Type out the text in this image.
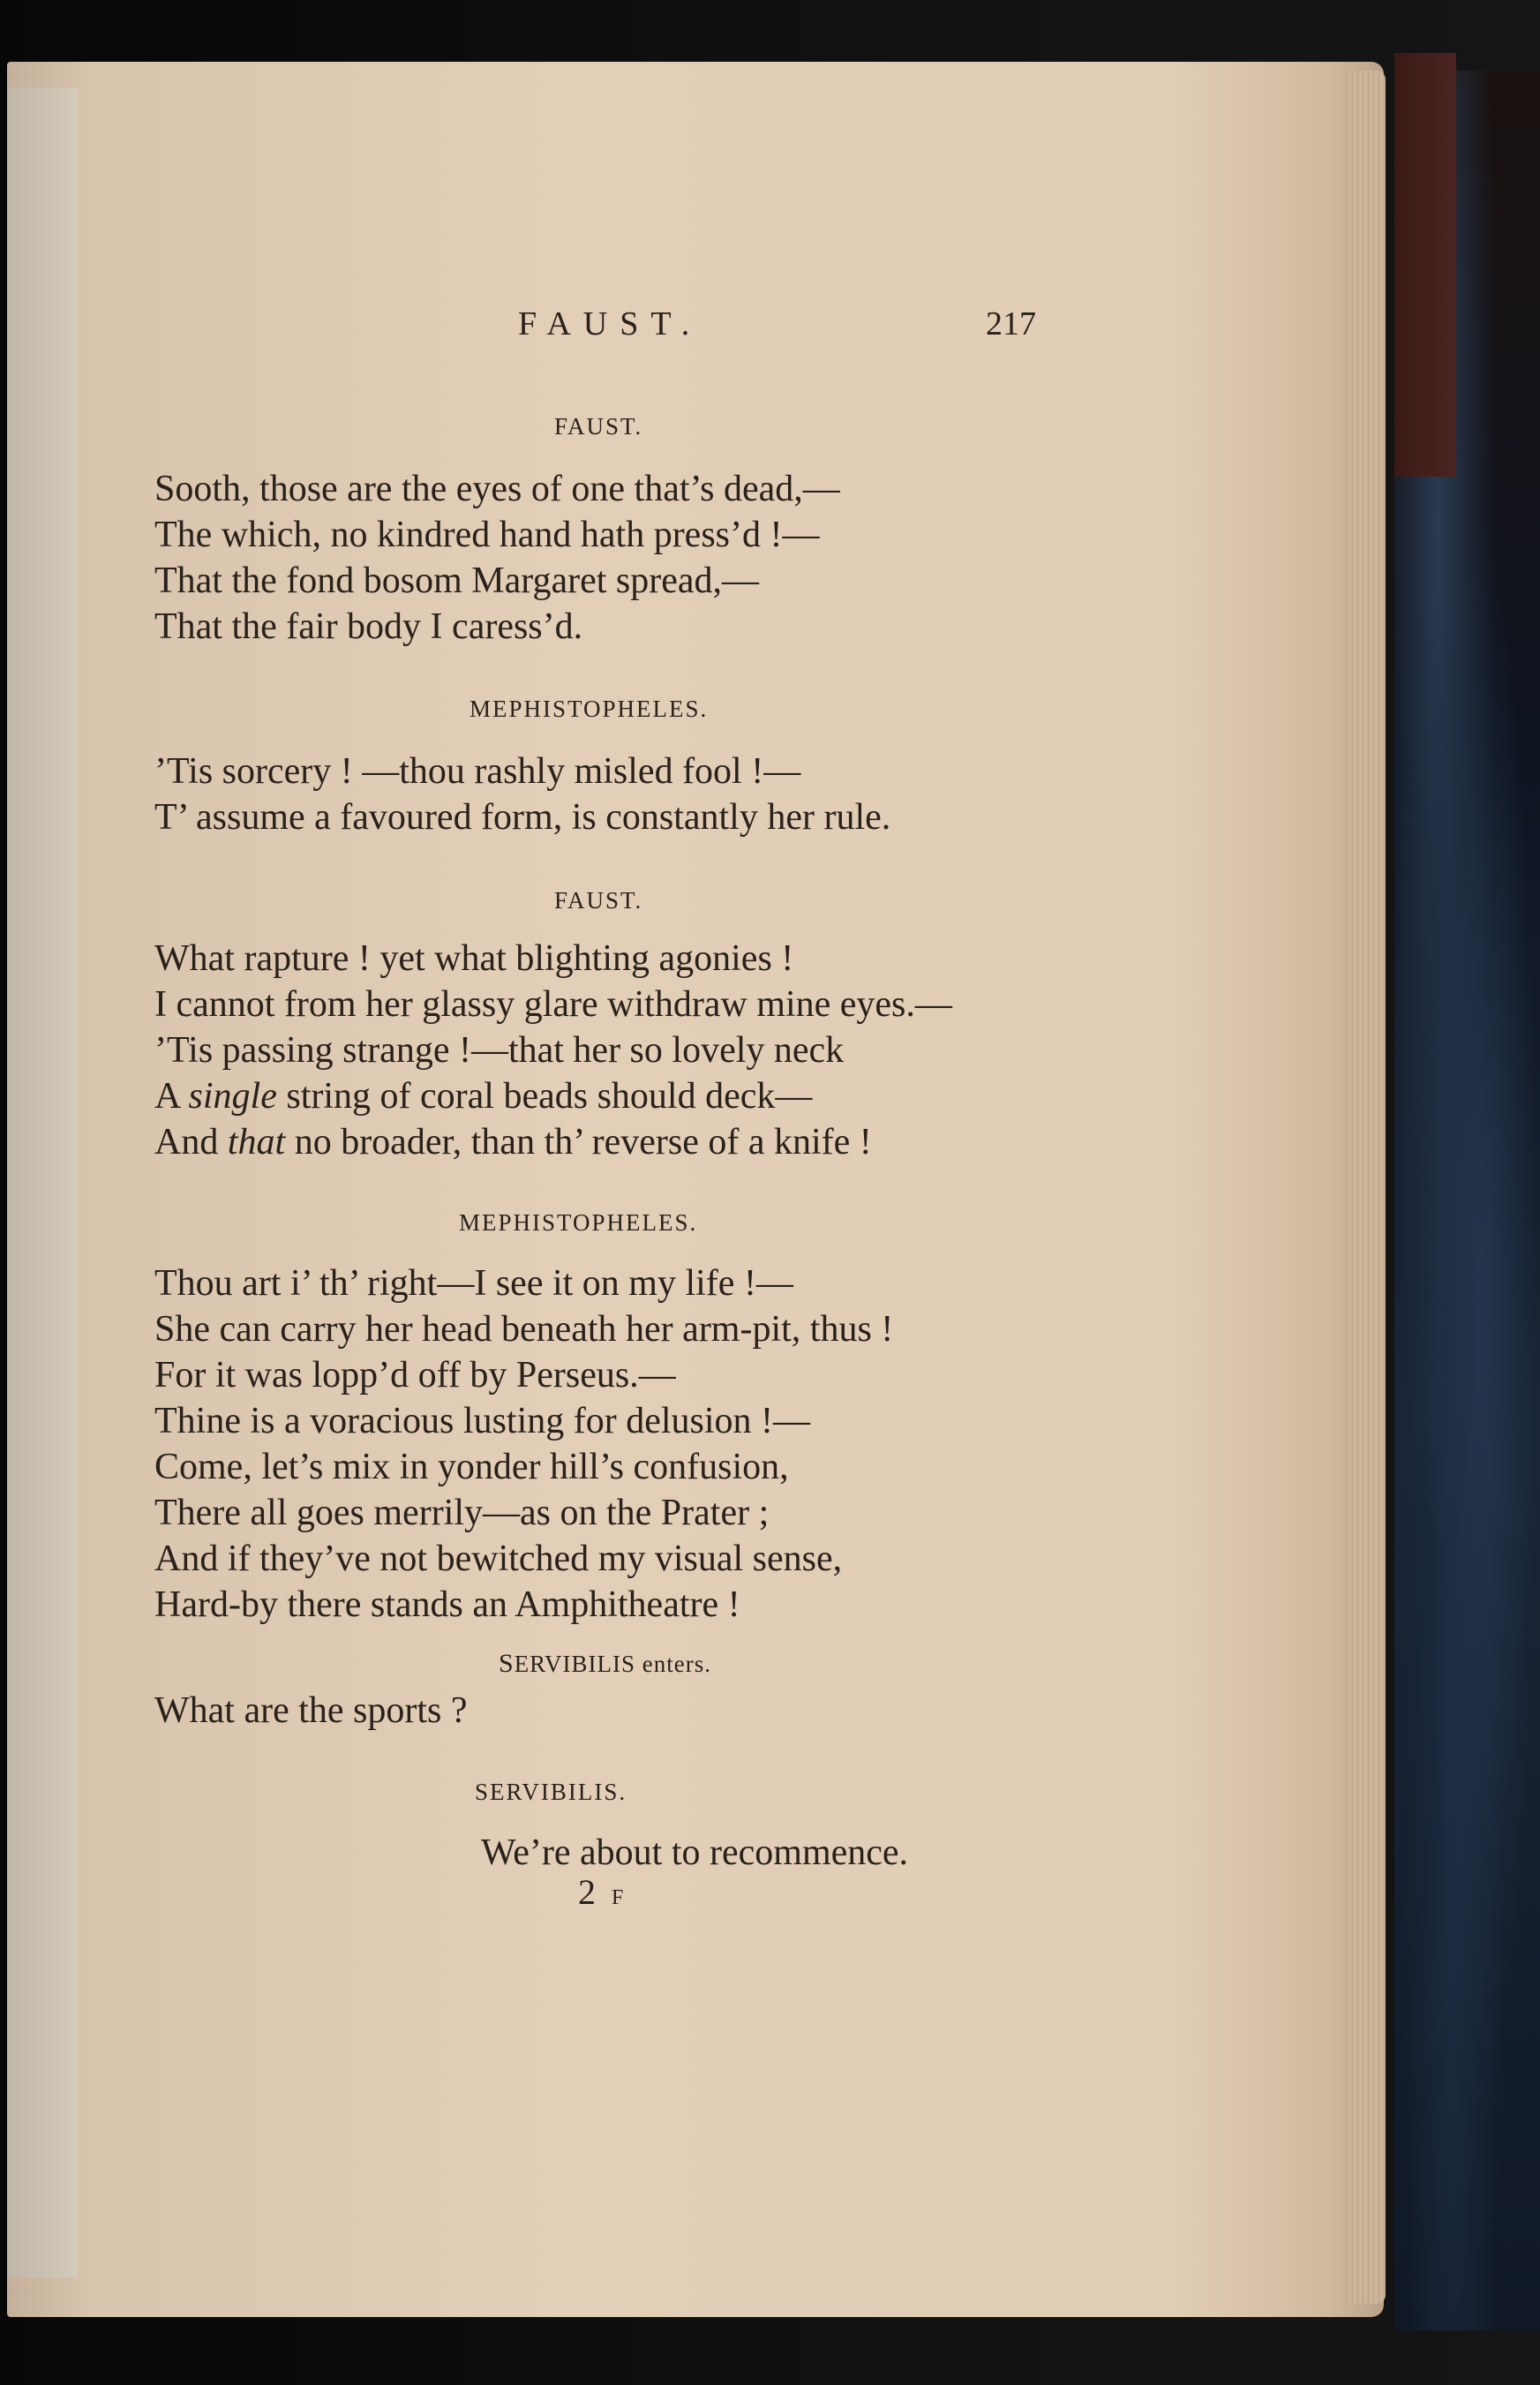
FAUST.	217
FAUST.
Sooth, those are the eyes of one that’s dead,—
The which, no kindred hand hath press’d !—
That the fond bosom Margaret spread,—
That the fair body I caress’d.
MEPHISTOPHELES.
’Tis sorcery ! —thou rashly misled fool !—
T’ assume a favoured form, is constantly her rule.
FAUST.
What rapture ! yet what blighting agonies !
I cannot from her glassy glare withdraw mine eyes.—
’Tis passing strange !—that her so lovely neck
A single string of coral beads should deck—
And that no broader, than th’ reverse of a knife !
MEPHISTOPHELES.
Thou art i’ th’ right—I see it on my life !—
She can carry her head beneath her arm-pit, thus !
For it was lopp’d off by Perseus.—
Thine is a voracious lusting for delusion !—
Come, let’s mix in yonder hill’s confusion,
There all goes merrily—as on the Prater ;
And if they’ve not bewitched my visual sense,
Hard-by there stands an Amphitheatre !
SERVIBILIS enters.
What are the sports ?
SERVIBILIS.
We’re about to recommence.
2 F
